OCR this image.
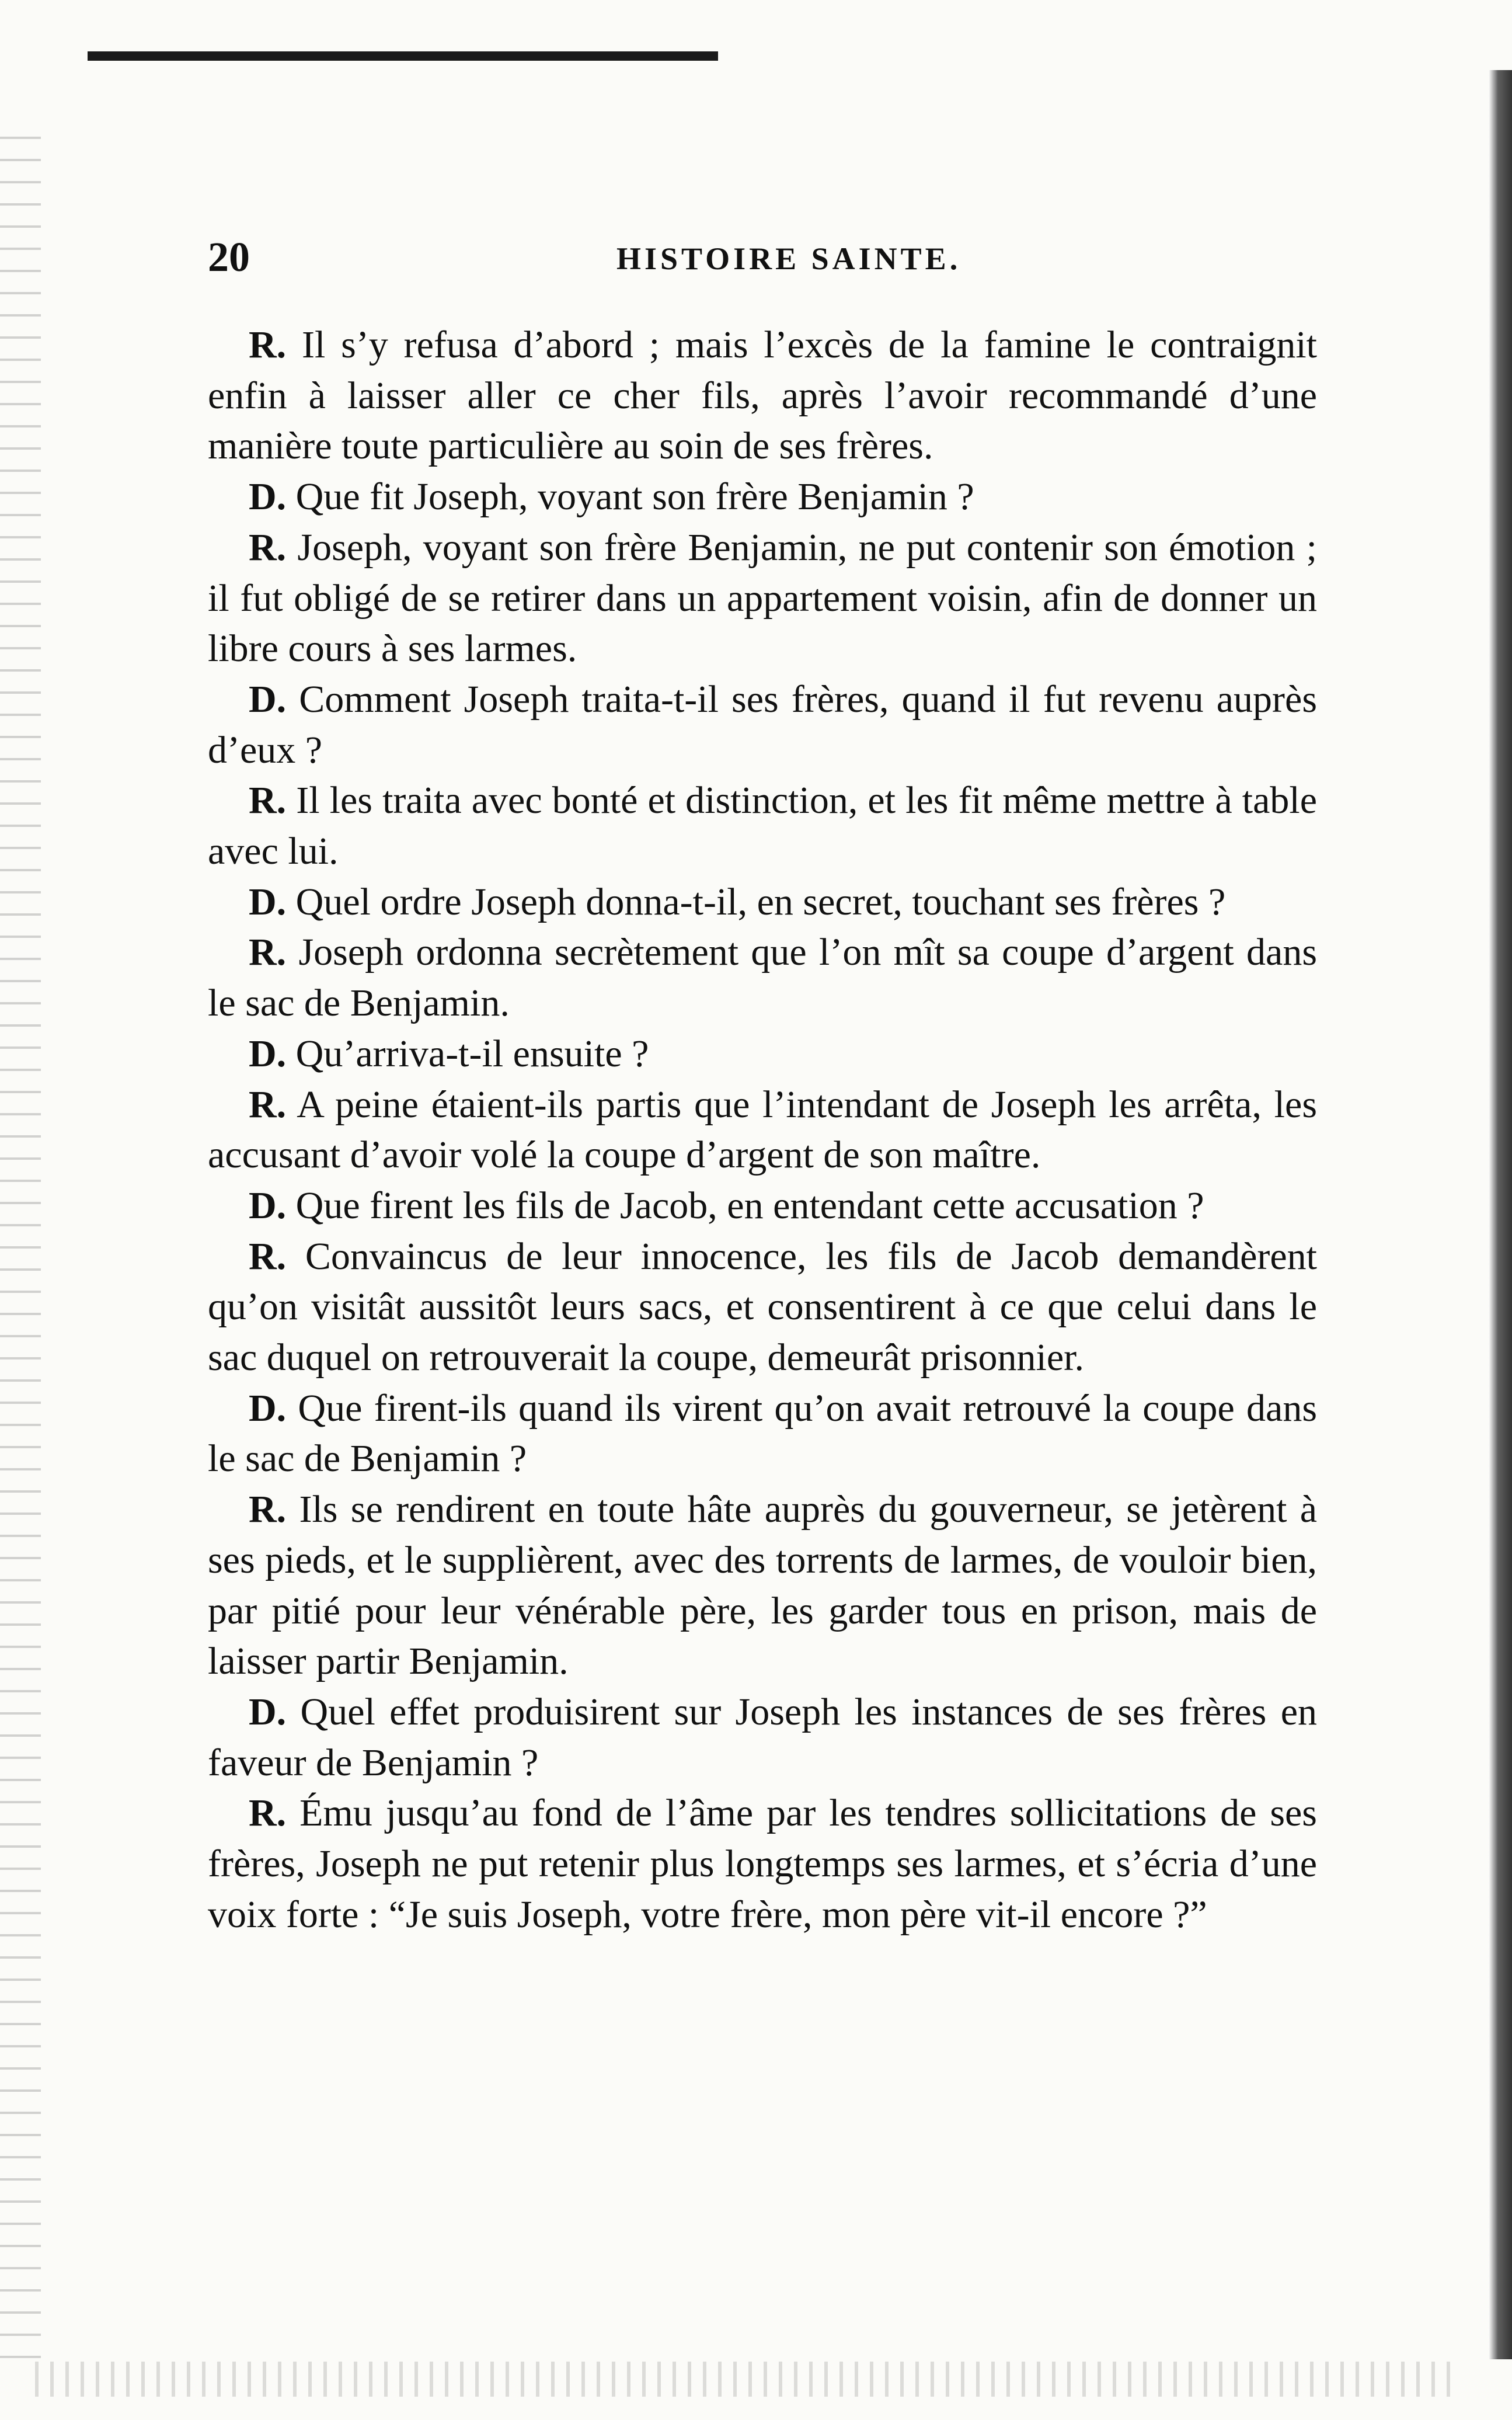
20	HISTOIRE SAINTE.

R. Il s’y refusa d’abord ; mais l’excès de la famine le contraignit enfin à laisser aller ce cher fils, après l’avoir recommandé d’une manière toute particulière au soin de ses frères.

D. Que fit Joseph, voyant son frère Benjamin ?

R. Joseph, voyant son frère Benjamin, ne put contenir son émotion ; il fut obligé de se retirer dans un appartement voisin, afin de donner un libre cours à ses larmes.

D. Comment Joseph traita-t-il ses frères, quand il fut revenu auprès d’eux ?

R. Il les traita avec bonté et distinction, et les fit même mettre à table avec lui.

D. Quel ordre Joseph donna-t-il, en secret, touchant ses frères ?

R. Joseph ordonna secrètement que l’on mît sa coupe d’argent dans le sac de Benjamin.

D. Qu’arriva-t-il ensuite ?

R. A peine étaient-ils partis que l’intendant de Joseph les arrêta, les accusant d’avoir volé la coupe d’argent de son maître.

D. Que firent les fils de Jacob, en entendant cette accusation ?

R. Convaincus de leur innocence, les fils de Jacob demandèrent qu’on visitât aussitôt leurs sacs, et consentirent à ce que celui dans le sac duquel on retrouverait la coupe, demeurât prisonnier.

D. Que firent-ils quand ils virent qu’on avait retrouvé la coupe dans le sac de Benjamin ?

R. Ils se rendirent en toute hâte auprès du gouverneur, se jetèrent à ses pieds, et le supplièrent, avec des torrents de larmes, de vouloir bien, par pitié pour leur vénérable père, les garder tous en prison, mais de laisser partir Benjamin.

D. Quel effet produisirent sur Joseph les instances de ses frères en faveur de Benjamin ?

R. Ému jusqu’au fond de l’âme par les tendres sollicitations de ses frères, Joseph ne put retenir plus longtemps ses larmes, et s’écria d’une voix forte : “Je suis Joseph, votre frère, mon père vit-il encore ?”
